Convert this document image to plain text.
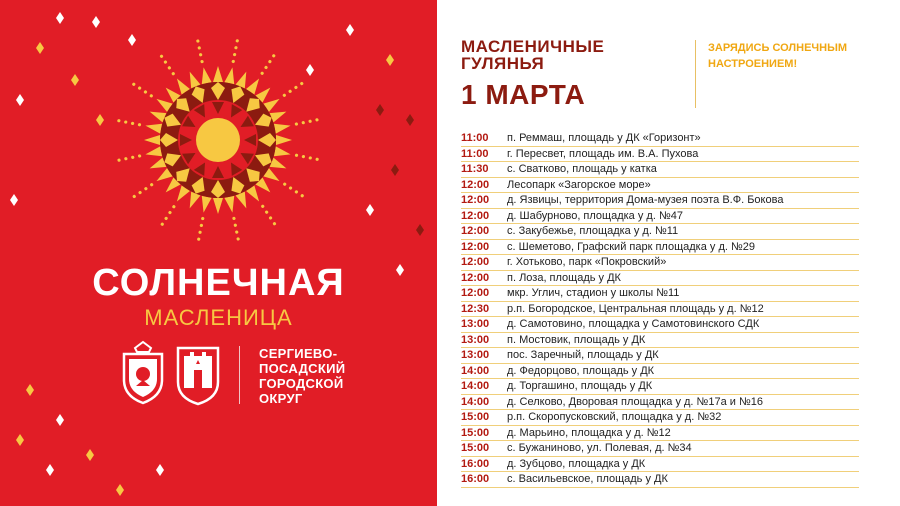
СОЛНЕЧНАЯ
МАСЛЕНИЦА
СЕРГИЕВО-
ПОСАДСКИЙ
ГОРОДСКОЙ
ОКРУГ
МАСЛЕНИЧНЫЕ
ГУЛЯНЬЯ
1 МАРТА
ЗАРЯДИСЬ СОЛНЕЧНЫМ
НАСТРОЕНИЕМ!
11:00	п. Реммаш, площадь у ДК «Горизонт»
11:00	г. Пересвет, площадь им. В.А. Пухова
11:30	с. Сватково, площадь у катка
12:00	Лесопарк «Загорское море»
12:00	д. Язвицы, территория Дома-музея поэта В.Ф. Бокова
12:00	д. Шабурново, площадка у д. №47
12:00	с. Закубежье, площадка у д. №11
12:00	с. Шеметово, Графский парк площадка у д. №29
12:00	г. Хотьково, парк «Покровский»
12:00	п. Лоза, площадь у ДК
12:00	мкр. Углич, стадион у школы №11
12:30	р.п. Богородское, Центральная площадь у д. №12
13:00	д. Самотовино, площадка у Самотовинского СДК
13:00	п. Мостовик, площадь у ДК
13:00	пос. Заречный, площадь у ДК
14:00	д. Федорцово, площадь у ДК
14:00	д. Торгашино, площадь у ДК
14:00	д. Селково, Дворовая площадка у д. №17а и №16
15:00	р.п. Скоропусковский, площадка у д. №32
15:00	д. Марьино, площадка у д. №12
15:00	с. Бужаниново, ул. Полевая, д. №34
16:00	д. Зубцово, площадка у ДК
16:00	с. Васильевское, площадь у ДК
